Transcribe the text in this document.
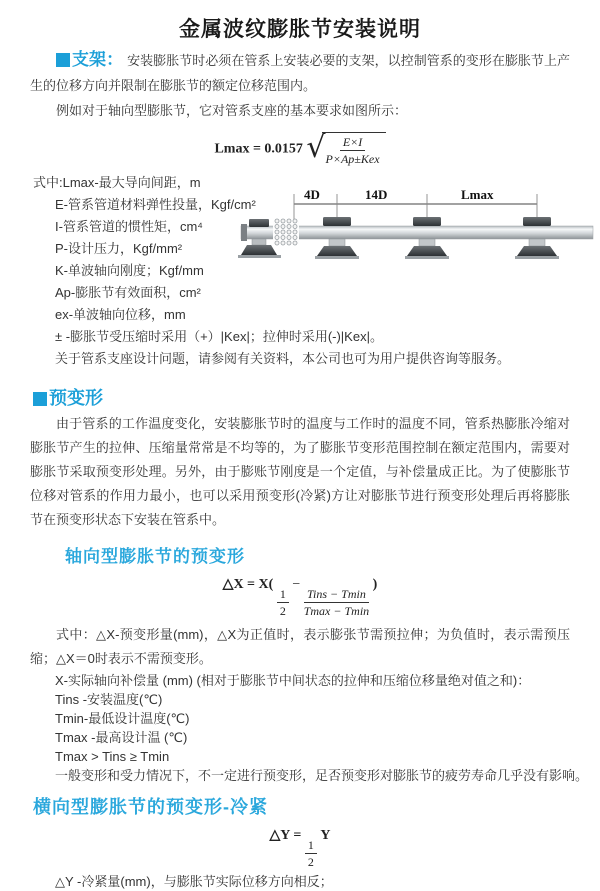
金属波纹膨胀节安装说明

支架： 安装膨胀节时必须在管系上安装必要的支架，以控制管系的变形在膨胀节上产生的位移方向并限制在膨胀节的额定位移范围内。

例如对于轴向型膨胀节，它对管系支座的基本要求如图所示：

Lmax = 0.0157 √ $\frac{E\times I}{\text{P×Ap±Kex}}$
式中:Lmax-最大导向间距，m
E-管系管道材料弹性投量，Kgf/cm²
I-管系管道的惯性矩，cm⁴
P-设计压力，Kgf/mm²
K-单波轴向刚度；Kgf/mm
Ap-膨胀节有效面积，cm²
ex-单波轴向位移，mm
± -膨胀节受压缩时采用（+）|Kex|；拉伸时采用(-)|Kex|。
关于管系支座设计问题，请参阅有关资料，本公司也可为用户提供咨询等服务。
4D	14D	Lmax
预变形

由于管系的工作温度变化，安装膨胀节时的温度与工作时的温度不同，管系热膨胀冷缩对膨胀节产生的拉伸、压缩量常常是不均等的，为了膨胀节变形范围控制在额定范围内，需要对膨胀节采取预变形处理。另外，由于膨账节刚度是一个定值，与补偿量成正比。为了使膨胀节位移对管系的作用力最小，也可以采用预变形(冷紧)方让对膨胀节进行预变形处理后再将膨胀节在预变形状态下安装在管系中。

轴向型膨胀节的预变形
△X = X(
$\frac{1}{2}$
−
$\frac{\text{Tins − Tmin}}{Tmax - Tmin}$
)

式中：△X-预变形量(mm)，△X为正值时，表示膨张节需预拉伸；为负值时，表示需预压缩；△X＝0时表示不需预变形。

X-实际轴向补偿量 (mm) (相对于膨胀节中间状态的拉伸和压缩位移量绝对值之和)：
Tins -安装温度(℃)
Tmin-最低设计温度(℃)
Tmax -最高设计温 (℃)
Tmax > Tins ≥ Tmin
一般变形和受力情况下，不一定进行预变形，足否预变形对膨胀节的疲劳寿命几乎没有影响。
横向型膨胀节的预变形-冷紧
△Y =
$\frac{1}{2}$
Y
△Y -冷紧量(mm)，与膨胀节实际位移方向相反；
